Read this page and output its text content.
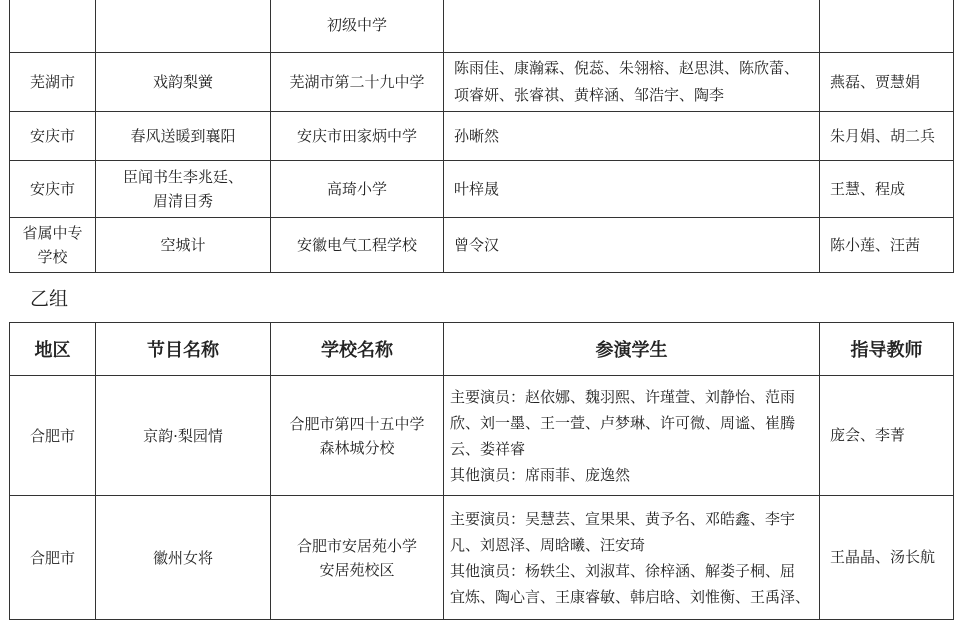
		初级中学		

芜湖市	戏韵梨黉	芜湖市第二十九中学	陈雨佳、康瀚霖、倪蕊、朱翎榕、赵思淇、陈欣蕾、
项睿妍、张睿祺、黄梓涵、邹浩宇、陶李	燕磊、贾慧娟

安庆市	春风送暖到襄阳	安庆市田家炳中学	孙晰然	朱月娟、胡二兵

安庆市	臣闻书生李兆廷、
眉清目秀	高琦小学	叶梓晟	王慧、程成

省属中专
学校	空城计	安徽电气工程学校	曾令汉	陈小莲、汪茜
乙组
地区	节目名称	学校名称	参演学生	指导教师

合肥市	京韵·梨园情	合肥市第四十五中学
森林城分校	主要演员：赵依娜、魏羽熙、许瑾萱、刘静怡、范雨
欣、刘一墨、王一萱、卢梦琳、许可微、周谧、崔腾
云、娄祥睿
其他演员：席雨菲、庞逸然	庞会、李菁

合肥市	徽州女将	合肥市安居苑小学
安居苑校区	主要演员：吴慧芸、宣果果、黄予名、邓皓鑫、李宇
凡、刘恩泽、周晗曦、汪安琦
其他演员：杨轶尘、刘淑茸、徐梓涵、解娄子桐、屈
宜炼、陶心言、王康睿敏、韩启晗、刘惟衡、王禹泽、	王晶晶、汤长航
